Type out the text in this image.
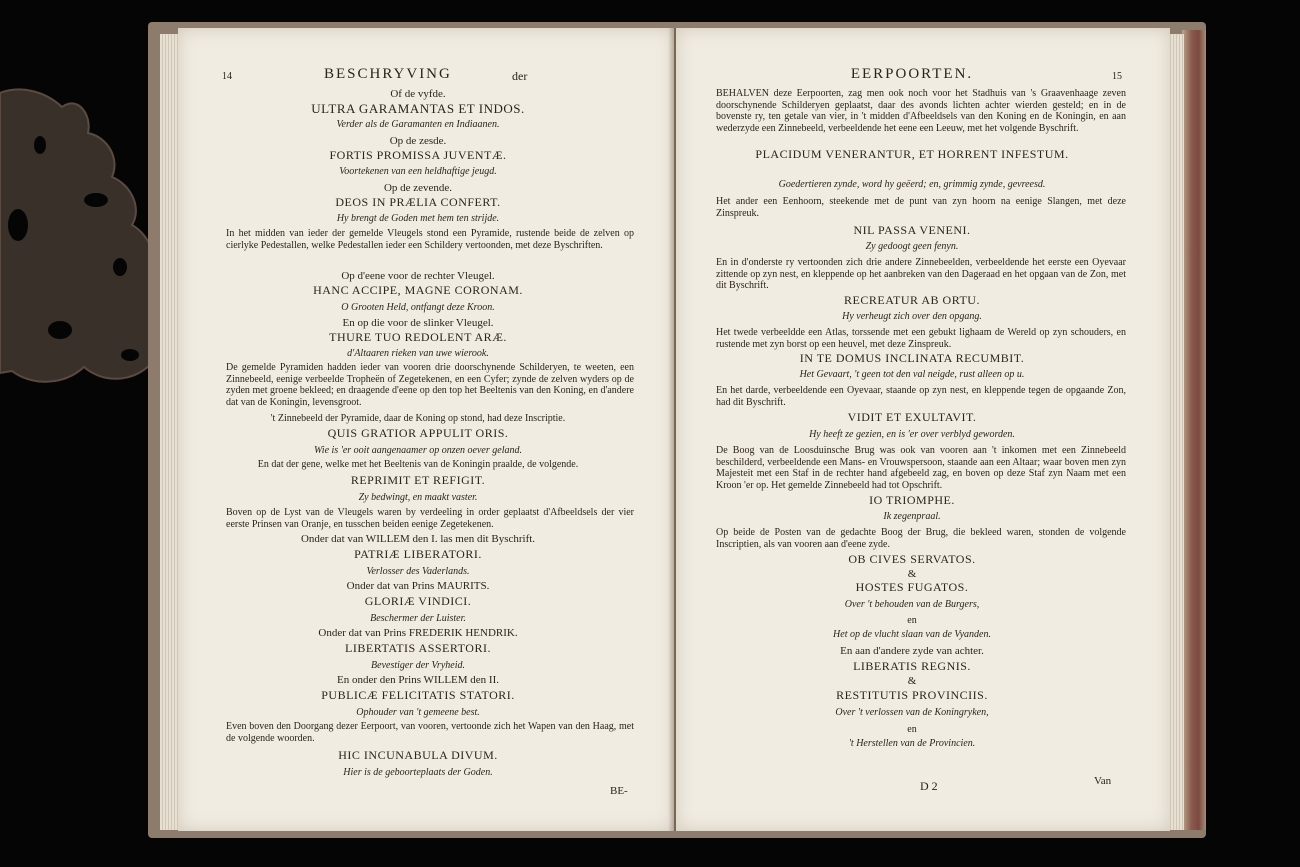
14	BESCHRYVING	der

Of de vyfde.

ULTRA GARAMANTAS ET INDOS.

Verder als de Garamanten en Indiaanen.

Op de zesde.

FORTIS PROMISSA JUVENTÆ.

Voortekenen van een heldhaftige jeugd.

Op de zevende.

DEOS IN PRÆLIA CONFERT.

Hy brengt de Goden met hem ten strijde.

In het midden van ieder der gemelde Vleugels stond een Pyramide, rustende beide de zelven op cierlyke Pedestallen, welke Pedestallen ieder een Schildery vertoonden, met deze Byschriften.

Op d'eene voor de rechter Vleugel.

HANC ACCIPE, MAGNE CORONAM.

O Grooten Held, ontfangt deze Kroon.

En op die voor de slinker Vleugel.

THURE TUO REDOLENT ARÆ.

d'Altaaren rieken van uwe wierook.

De gemelde Pyramiden hadden ieder van vooren drie doorschynende Schilderyen, te weeten, een Zinnebeeld, eenige verbeelde Tropheën of Zegetekenen, en een Cyfer; zynde de zelven wyders op de zyden met groene bekleed; en draagende d'eene op den top het Beeltenis van den Koning, en d'andere dat van de Koningin, levensgroot.

't Zinnebeeld der Pyramide, daar de Koning op stond, had deze Inscriptie.

QUIS GRATIOR APPULIT ORIS.

Wie is 'er ooit aangenaamer op onzen oever geland.

En dat der gene, welke met het Beeltenis van de Koningin praalde, de volgende.

REPRIMIT ET REFIGIT.

Zy bedwingt, en maakt vaster.

Boven op de Lyst van de Vleugels waren by verdeeling in order geplaatst d'Afbeeldsels der vier eerste Prinsen van Oranje, en tusschen beiden eenige Zegetekenen.

Onder dat van WILLEM den I. las men dit Byschrift.

PATRIÆ LIBERATORI.

Verlosser des Vaderlands.

Onder dat van Prins MAURITS.

GLORIÆ VINDICI.

Beschermer der Luister.

Onder dat van Prins FREDERIK HENDRIK.

LIBERTATIS ASSERTORI.

Bevestiger der Vryheid.

En onder den Prins WILLEM den II.

PUBLICÆ FELICITATIS STATORI.

Ophouder van 't gemeene best.

Even boven den Doorgang dezer Eerpoort, van vooren, vertoonde zich het Wapen van den Haag, met de volgende woorden.

HIC INCUNABULA DIVUM.

Hier is de geboorteplaats der Goden.

BE-

EERPOORTEN.	15

BEHALVEN deze Eerpoorten, zag men ook noch voor het Stadhuis van 's Graavenhaage zeven doorschynende Schilderyen geplaatst, daar des avonds lichten achter wierden gesteld; en in de bovenste ry, ten getale van vier, in 't midden d'Afbeeldsels van den Koning en de Koningin, en aan wederzyde een Zinnebeeld, verbeeldende het eene een Leeuw, met het volgende Byschrift.

PLACIDUM VENERANTUR, ET HORRENT INFESTUM.

Goedertieren zynde, word hy geëerd; en, grimmig zynde, gevreesd.

Het ander een Eenhoorn, steekende met de punt van zyn hoorn na eenige Slangen, met deze Zinspreuk.

NIL PASSA VENENI.

Zy gedoogt geen fenyn.

En in d'onderste ry vertoonden zich drie andere Zinnebeelden, verbeeldende het eerste een Oyevaar zittende op zyn nest, en kleppende op het aanbreken van den Dageraad en het opgaan van de Zon, met dit Byschrift.

RECREATUR AB ORTU.

Hy verheugt zich over den opgang.

Het twede verbeeldde een Atlas, torssende met een gebukt lighaam de Wereld op zyn schouders, en rustende met zyn borst op een heuvel, met deze Zinspreuk.

IN TE DOMUS INCLINATA RECUMBIT.

Het Gevaart, 't geen tot den val neigde, rust alleen op u.

En het darde, verbeeldende een Oyevaar, staande op zyn nest, en kleppende tegen de opgaande Zon, had dit Byschrift.

VIDIT ET EXULTAVIT.

Hy heeft ze gezien, en is 'er over verblyd geworden.

De Boog van de Loosduinsche Brug was ook van vooren aan 't inkomen met een Zinnebeeld beschilderd, verbeeldende een Mans- en Vrouwspersoon, staande aan een Altaar; waar boven men zyn Majesteit met een Staf in de rechter hand afgebeeld zag, en boven op deze Staf zyn Naam met een Kroon 'er op. Het gemelde Zinnebeeld had tot Opschrift.

IO TRIOMPHE.

Ik zegenpraal.

Op beide de Posten van de gedachte Boog der Brug, die bekleed waren, stonden de volgende Inscriptien, als van vooren aan d'eene zyde.

OB CIVES SERVATOS.

&

HOSTES FUGATOS.

Over 't behouden van de Burgers,

en

Het op de vlucht slaan van de Vyanden.

En aan d'andere zyde van achter.

LIBERATIS REGNIS.

&

RESTITUTIS PROVINCIIS.

Over 't verlossen van de Koningryken,

en

't Herstellen van de Provincien.

D 2	Van
